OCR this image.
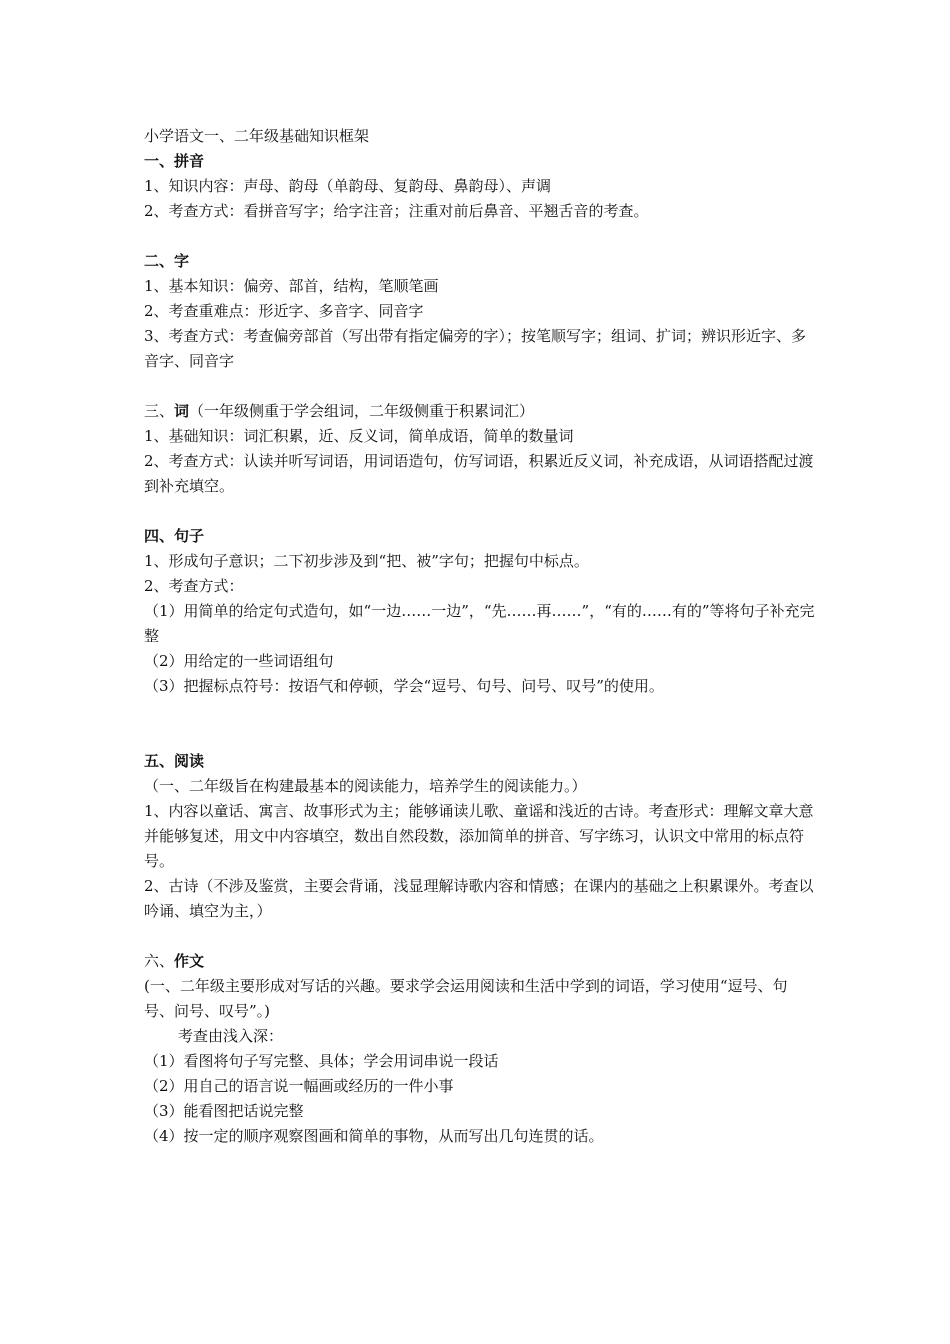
小学语文一、二年级基础知识框架
一、拼音
1、知识内容：声母、韵母（单韵母、复韵母、鼻韵母）、声调
2、考查方式：看拼音写字；给字注音；注重对前后鼻音、平翘舌音的考查。
二、字
1、基本知识：偏旁、部首，结构，笔顺笔画
2、考查重难点：形近字、多音字、同音字
3、考查方式：考查偏旁部首（写出带有指定偏旁的字）；按笔顺写字；组词、扩词；辨识形近字、多音字、同音字
三、词（一年级侧重于学会组词，二年级侧重于积累词汇）
1、基础知识：词汇积累，近、反义词，简单成语，简单的数量词
2、考查方式：认读并听写词语，用词语造句，仿写词语，积累近反义词，补充成语，从词语搭配过渡到补充填空。
四、句子
1、形成句子意识；二下初步涉及到“把、被”字句；把握句中标点。
2、考查方式：
（1）用简单的给定句式造句，如“一边……一边”，“先……再……”，“有的……有的”等将句子补充完整
（2）用给定的一些词语组句
（3）把握标点符号：按语气和停顿，学会“逗号、句号、问号、叹号”的使用。
五、阅读
（一、二年级旨在构建最基本的阅读能力，培养学生的阅读能力。）
1、内容以童话、寓言、故事形式为主；能够诵读儿歌、童谣和浅近的古诗。考查形式：理解文章大意并能够复述，用文中内容填空，数出自然段数，添加简单的拼音、写字练习，认识文中常用的标点符号。
2、古诗（不涉及鉴赏，主要会背诵，浅显理解诗歌内容和情感；在课内的基础之上积累课外。考查以吟诵、填空为主，）
六、作文
(一、二年级主要形成对写话的兴趣。要求学会运用阅读和生活中学到的词语，学习使用“逗号、句号、问号、叹号”。)
考查由浅入深：
（1）看图将句子写完整、具体；学会用词串说一段话
（2）用自己的语言说一幅画或经历的一件小事
（3）能看图把话说完整
（4）按一定的顺序观察图画和简单的事物，从而写出几句连贯的话。
